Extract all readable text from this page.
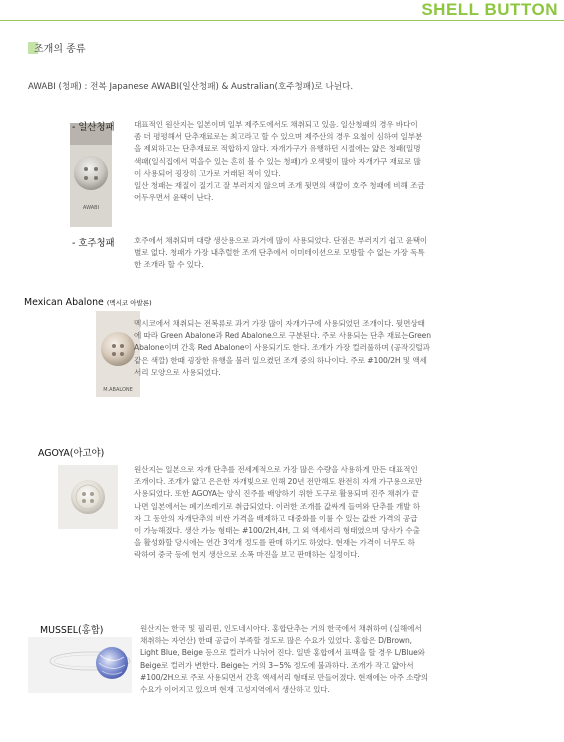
SHELL BUTTON
조개의 종류
AWABI (청패) : 전복 Japanese AWABI(일산청패) & Australian(호주청패)로 나뉜다.
AWABI
- 일산청패	대표적인 원산지는 일본이며 일부 제주도에서도 채취되고 있음. 일산청패의 경우 바다이
좀 더 평평해서 단추재료로는 최고라고 할 수 있으며 제주산의 경우 요철이 심하여 일부분
을 제외하고는 단추재료로 적합하지 않다. 자개가구가 유행하던 시절에는 얇은 청패(일명
색패(일식집에서 먹을수 있는 흔히 볼 수 있는 청패)가 오색빛이 많아 자개가구 재료로 많
이 사용되어 굉장히 고가로 거래된 적이 있다.
일산 청패는 재질이 질기고 잘 부러지지 않으며 조개 뒷면의 색깔이 호주 청패에 비해 조금
어두우면서 윤택이 난다.
- 호주청패	호주에서 채취되며 대량 생산용으로 과거에 많이 사용되었다. 단점은 부러지기 쉽고 윤택이
별로 없다. 청패가 가장 내추럴한 조개 단추에서 이미테이션으로 모방할 수 없는 가장 독특
한 조개라 할 수 있다.
Mexican Abalone (멕시코 아발론)
M.ABALONE
멕시코에서 채취되는 전복류로 과거 가장 많이 자개가구에 사용되었던 조개이다. 뒷면상태
에 따라 Green Abalone과 Red Abalone으로 구분된다. 주로 사용되는 단추 재료는Green
Abalone이며 간혹 Red Abalone이 사용되기도 한다. 조개가 가장 컬러풀하며 (공작깃털과
같은 색깔) 한때 굉장한 유행을 불러 일으켰던 조개 중의 하나이다. 주로 #100/2H 및 액세
서리 모양으로 사용되었다.
AGOYA(아고야)
원산지는 일본으로 자개 단추를 전세계적으로 가장 많은 수량을 사용하게 만든 대표적인
조개이다. 조개가 얇고 은은한 자개빛으로 인해 20년 전만해도 완전히 자개 가구용으로만
사용되었다. 또한 AGOYA는 양식 진주를 배양하기 위한 도구로 활용되며 진주 채취가 끝
나면 일본에서는 폐기쓰레기로 취급되었다. 이러한 조개를 값싸게 들여와 단추를 개발 하
자 그 동안의 자개단추의 비싼 가격을 배제하고 대중화를 이룰 수 있는 값싼 가격의 공급
이 가능해졌다. 생산 가능 형태는 #100/2H,4H, 그 외 액세서리 형태였으며 당사가 수출
을 활성화할 당시에는 연간 3억개 정도를 판매 하기도 하였다. 현재는 가격이 너무도 하
락하여 중국 등에 헌지 생산으로 소폭 마진을 보고 판매하는 실정이다.
MUSSEL(홍합)	원산지는 한국 및 필리핀, 인도네시아다. 홍합단추는 거의 한국에서 채취하여 (실해에서
채취하는 자연산) 한때 공급이 부족할 정도로 많은 수요가 있었다. 홍합은 D/Brown,
Light Blue, Beige 등으로 컬러가 나뉘어 진다. 일반 홍합에서 표백을 할 경우 L/Blue와
Beige로 컬러가 변한다. Beige는 거의 3~5% 정도에 불과하다. 조개가 작고 얇아서
#100/2H으로 주로 사용되면서 간혹 액세서리 형태로 만들어졌다. 현재에는 아주 소량의
수요가 이어지고 있으며 현재 고성지역에서 생산하고 있다.
